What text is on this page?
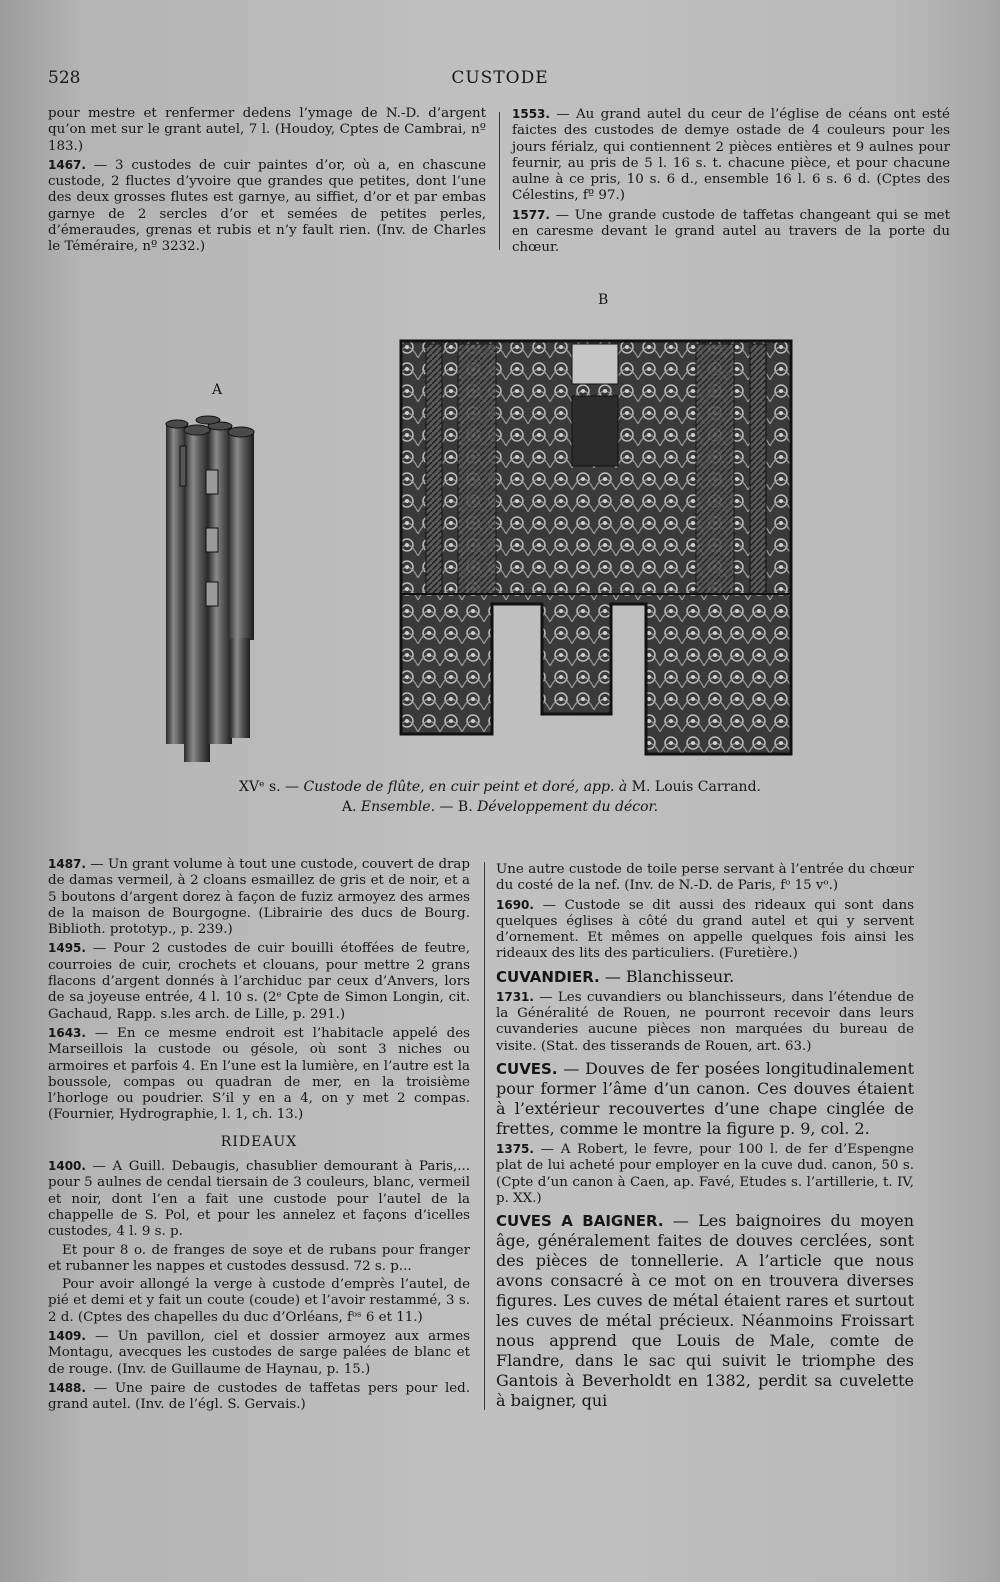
528	CUSTODE

pour mestre et renfermer dedens l’ymage de N.-D. d’argent qu’on met sur le grant autel, 7 l. (Houdoy, Cptes de Cambrai, nº 183.)

1467. — 3 custodes de cuir paintes d’or, où a, en chascune custode, 2 fluctes d’yvoire que grandes que petites, dont l’une des deux grosses flutes est garnye, au siffiet, d’or et par embas garnye de 2 sercles d’or et semées de petites perles, d’émeraudes, grenas et rubis et n’y fault rien. (Inv. de Charles le Téméraire, nº 3232.)

1553. — Au grand autel du ceur de l’église de céans ont esté faictes des custodes de demye ostade de 4 couleurs pour les jours férialz, qui contiennent 2 pièces entières et 9 aulnes pour feurnir, au pris de 5 l. 16 s. t. chacune pièce, et pour chacune aulne à ce pris, 10 s. 6 d., ensemble 16 l. 6 s. 6 d. (Cptes des Célestins, fº 97.)

1577. — Une grande custode de taffetas changeant qui se met en caresme devant le grand autel au travers de la porte du chœur.

A
B
XVᵉ s. — Custode de flûte, en cuir peint et doré, app. à M. Louis Carrand.
A. Ensemble. — B. Développement du décor.

1487. — Un grant volume à tout une custode, couvert de drap de damas vermeil, à 2 cloans esmaillez de gris et de noir, et a 5 boutons d’argent dorez à façon de fuziz armoyez des armes de la maison de Bourgogne. (Librairie des ducs de Bourg. Biblioth. prototyp., p. 239.)

1495. — Pour 2 custodes de cuir bouilli étoffées de feutre, courroies de cuir, crochets et clouans, pour mettre 2 grans flacons d’argent donnés à l’archiduc par ceux d’Anvers, lors de sa joyeuse entrée, 4 l. 10 s. (2ᵉ Cpte de Simon Longin, cit. Gachaud, Rapp. s.les arch. de Lille, p. 291.)

1643. — En ce mesme endroit est l’habitacle appelé des Marseillois la custode ou gésole, où sont 3 niches ou armoires et parfois 4. En l’une est la lumière, en l’autre est la boussole, compas ou quadran de mer, en la troisième l’horloge ou poudrier. S’il y en a 4, on y met 2 compas. (Fournier, Hydrographie, l. 1, ch. 13.)

RIDEAUX

1400. — A Guill. Debaugis, chasublier demourant à Paris,... pour 5 aulnes de cendal tiersain de 3 couleurs, blanc, vermeil et noir, dont l’en a fait une custode pour l’autel de la chappelle de S. Pol, et pour les annelez et façons d’icelles custodes, 4 l. 9 s. p.

Et pour 8 o. de franges de soye et de rubans pour franger et rubanner les nappes et custodes dessusd. 72 s. p...

Pour avoir allongé la verge à custode d’emprès l’autel, de pié et demi et y fait un coute (coude) et l’avoir restammé, 3 s. 2 d. (Cptes des chapelles du duc d’Orléans, fᵒˢ 6 et 11.)

1409. — Un pavillon, ciel et dossier armoyez aux armes Montagu, avecques les custodes de sarge palées de blanc et de rouge. (Inv. de Guillaume de Haynau, p. 15.)

1488. — Une paire de custodes de taffetas pers pour led. grand autel. (Inv. de l’égl. S. Gervais.)

Une autre custode de toile perse servant à l’entrée du chœur du costé de la nef. (Inv. de N.-D. de Paris, fᵒ 15 vᵒ.)

1690. — Custode se dit aussi des rideaux qui sont dans quelques églises à côté du grand autel et qui y servent d’ornement. Et mêmes on appelle quelques fois ainsi les rideaux des lits des particuliers. (Furetière.)

CUVANDIER. — Blanchisseur.

1731. — Les cuvandiers ou blanchisseurs, dans l’étendue de la Généralité de Rouen, ne pourront recevoir dans leurs cuvanderies aucune pièces non marquées du bureau de visite. (Stat. des tisserands de Rouen, art. 63.)

CUVES. — Douves de fer posées longitudinalement pour former l’âme d’un canon. Ces douves étaient à l’extérieur recouvertes d’une chape cinglée de frettes, comme le montre la figure p. 9, col. 2.

1375. — A Robert, le fevre, pour 100 l. de fer d’Espengne plat de lui acheté pour employer en la cuve dud. canon, 50 s. (Cpte d’un canon à Caen, ap. Favé, Etudes s. l’artillerie, t. IV, p. XX.)

CUVES A BAIGNER. — Les baignoires du moyen âge, généralement faites de douves cerclées, sont des pièces de tonnellerie. A l’article que nous avons consacré à ce mot on en trouvera diverses figures. Les cuves de métal étaient rares et surtout les cuves de métal précieux. Néanmoins Froissart nous apprend que Louis de Male, comte de Flandre, dans le sac qui suivit le triomphe des Gantois à Beverholdt en 1382, perdit sa cuvelette à baigner, qui
